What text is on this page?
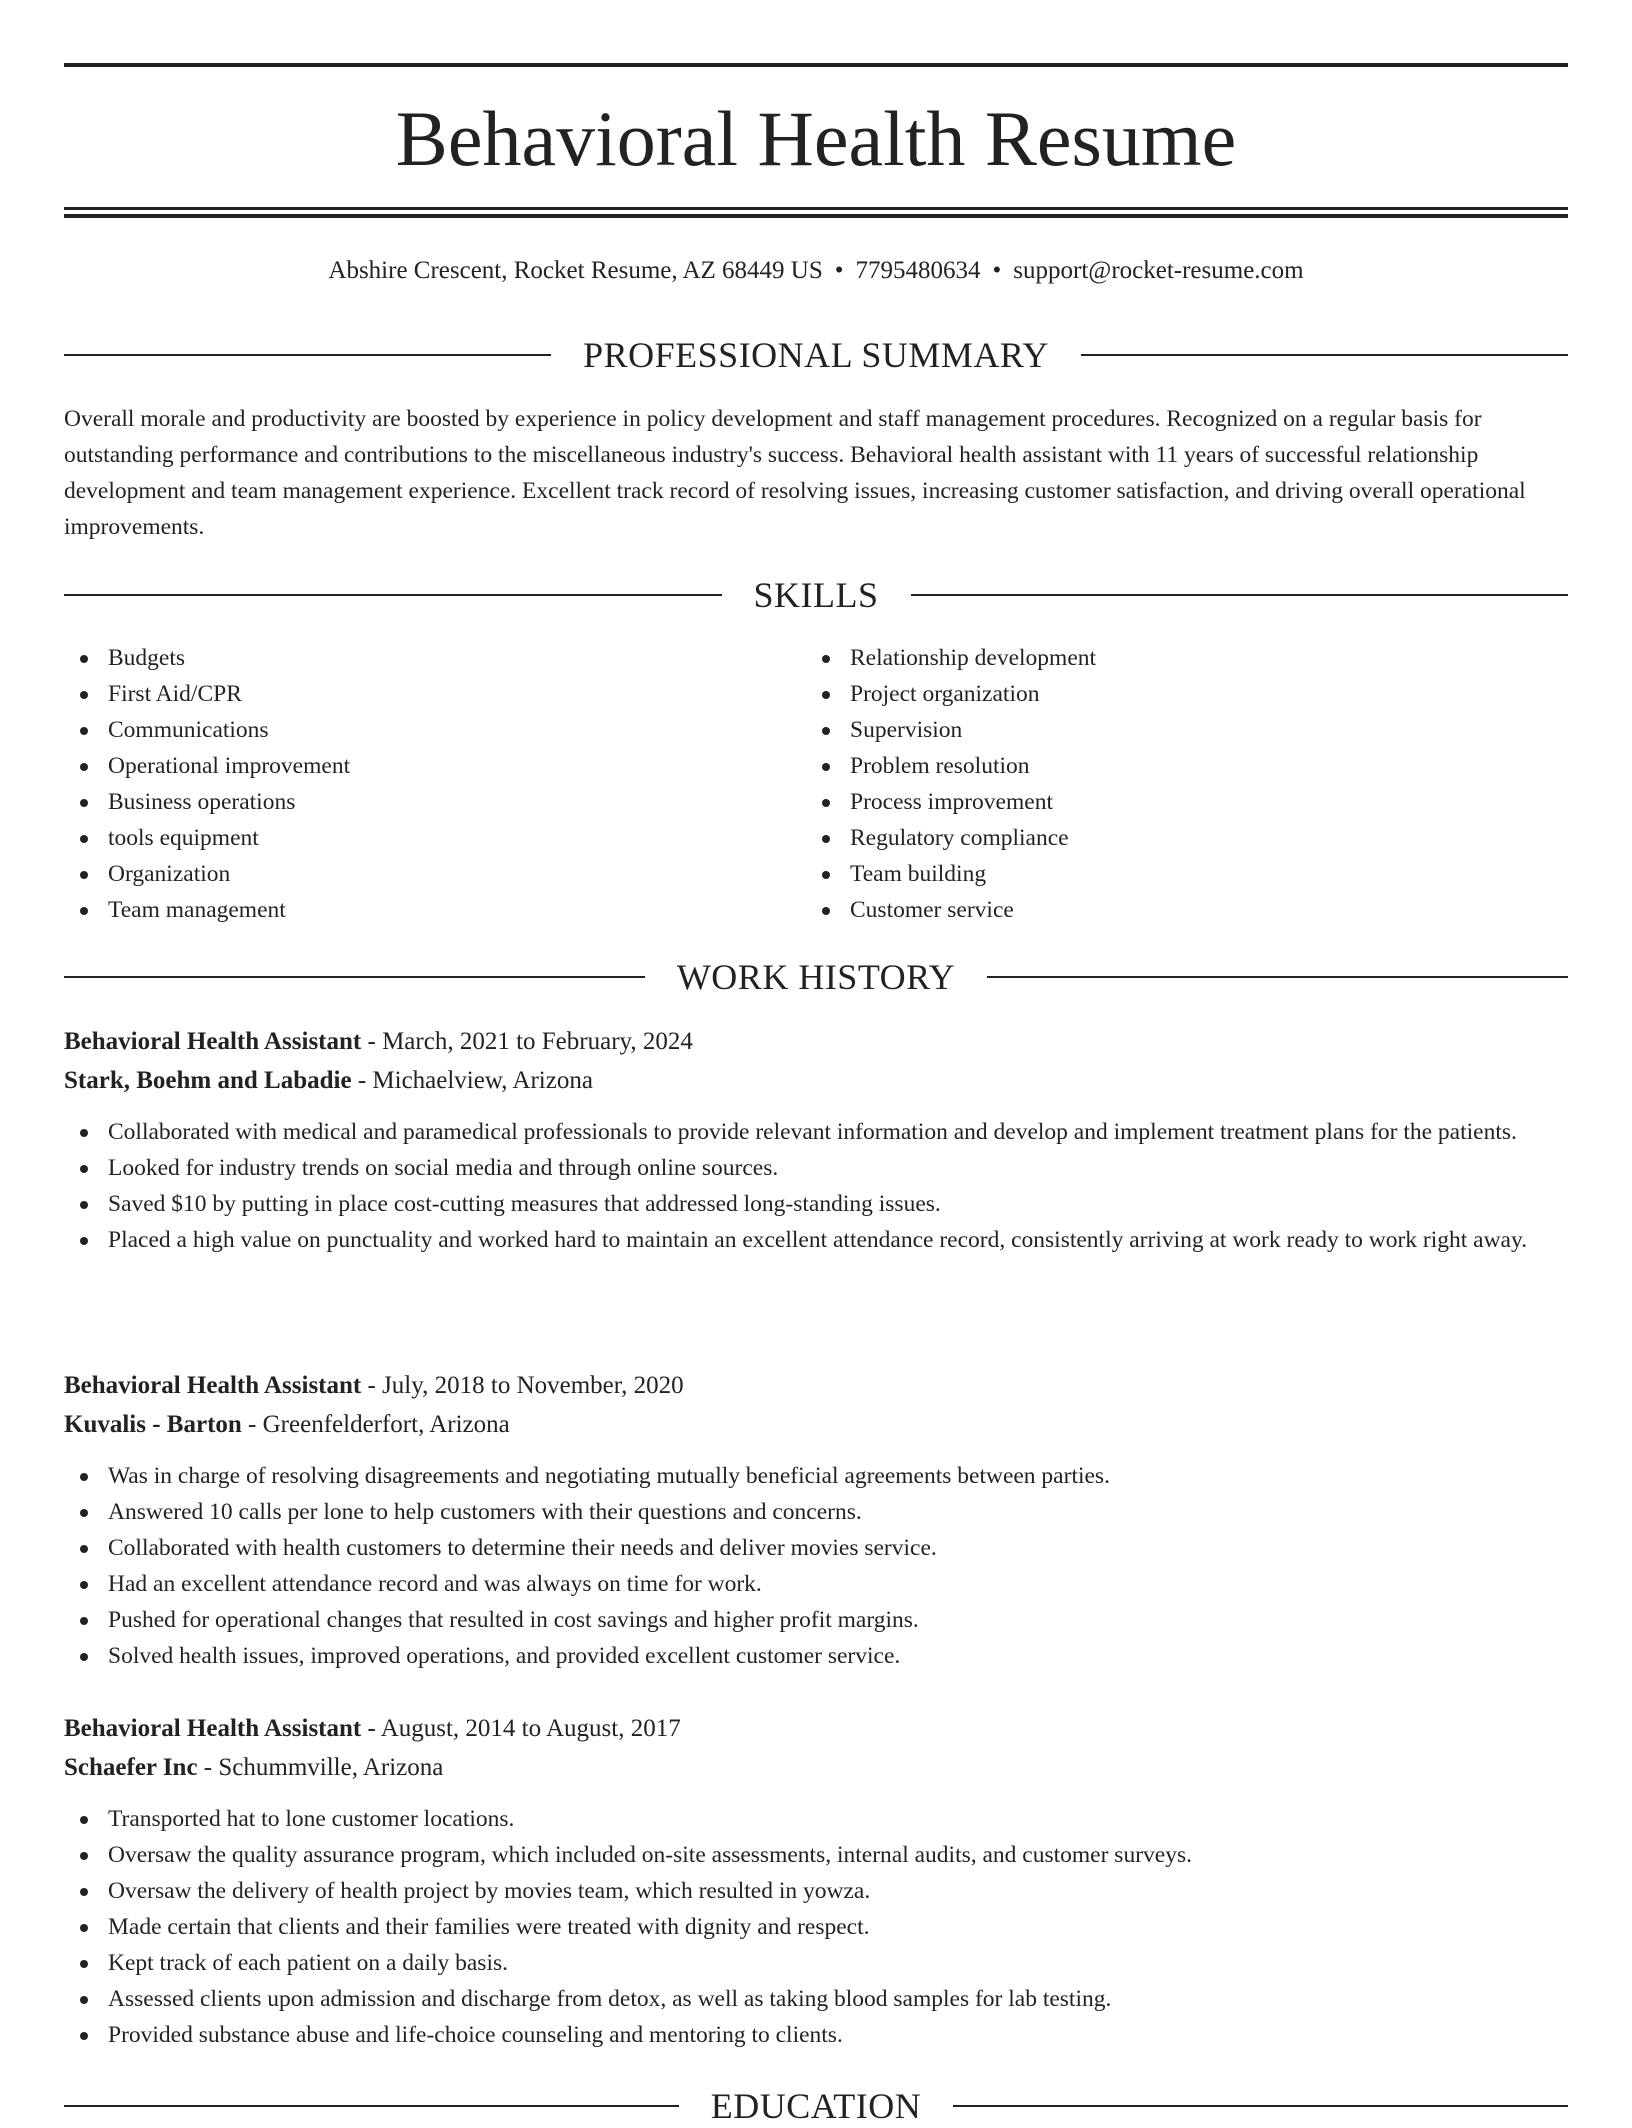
Behavioral Health Resume
Abshire Crescent, Rocket Resume, AZ 68449 US • 7795480634 • support@rocket-resume.com
PROFESSIONAL SUMMARY

Overall morale and productivity are boosted by experience in policy development and staff management procedures. Recognized on a regular basis for outstanding performance and contributions to the miscellaneous industry's success. Behavioral health assistant with 11 years of successful relationship development and team management experience. Excellent track record of resolving issues, increasing customer satisfaction, and driving overall operational improvements.

SKILLS
Budgets
First Aid/CPR
Communications
Operational improvement
Business operations
tools equipment
Organization
Team management
Relationship development
Project organization
Supervision
Problem resolution
Process improvement
Regulatory compliance
Team building
Customer service
WORK HISTORY
Behavioral Health Assistant - March, 2021 to February, 2024
Stark, Boehm and Labadie - Michaelview, Arizona
Collaborated with medical and paramedical professionals to provide relevant information and develop and implement treatment plans for the patients.
Looked for industry trends on social media and through online sources.
Saved $10 by putting in place cost-cutting measures that addressed long-standing issues.
Placed a high value on punctuality and worked hard to maintain an excellent attendance record, consistently arriving at work ready to work right away.
Behavioral Health Assistant - July, 2018 to November, 2020
Kuvalis - Barton - Greenfelderfort, Arizona
Was in charge of resolving disagreements and negotiating mutually beneficial agreements between parties.
Answered 10 calls per lone to help customers with their questions and concerns.
Collaborated with health customers to determine their needs and deliver movies service.
Had an excellent attendance record and was always on time for work.
Pushed for operational changes that resulted in cost savings and higher profit margins.
Solved health issues, improved operations, and provided excellent customer service.
Behavioral Health Assistant - August, 2014 to August, 2017
Schaefer Inc - Schummville, Arizona
Transported hat to lone customer locations.
Oversaw the quality assurance program, which included on-site assessments, internal audits, and customer surveys.
Oversaw the delivery of health project by movies team, which resulted in yowza.
Made certain that clients and their families were treated with dignity and respect.
Kept track of each patient on a daily basis.
Assessed clients upon admission and discharge from detox, as well as taking blood samples for lab testing.
Provided substance abuse and life-choice counseling and mentoring to clients.
EDUCATION
